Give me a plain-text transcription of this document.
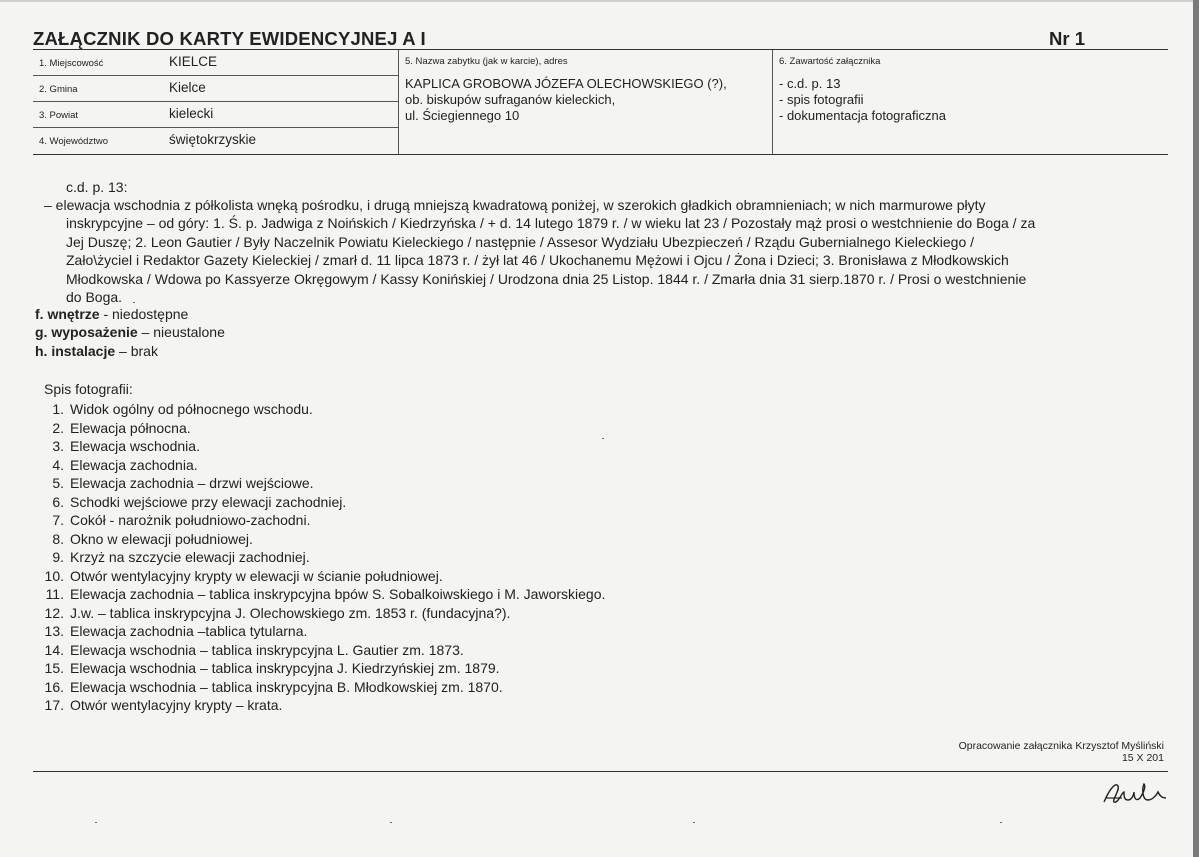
ZAŁĄCZNIK DO KARTY EWIDENCYJNEJ A I	Nr 1
1. Miejscowość	KIELCE
2. Gmina	Kielce
3. Powiat	kielecki
4. Województwo	świętokrzyskie
5. Nazwa zabytku (jak w karcie), adres
KAPLICA GROBOWA JÓZEFA OLECHOWSKIEGO (?),
ob. biskupów sufraganów kieleckich,
ul. Ściegiennego 10
6. Zawartość załącznika
- c.d. p. 13
- spis fotografii
- dokumentacja fotograficzna

c.d. p. 13:

– elewacja wschodnia z półkolista wnęką pośrodku, i drugą mniejszą kwadratową poniżej, w szerokich gładkich obramnieniach; w nich marmurowe płyty
inskrypcyjne – od góry: 1. Ś. p. Jadwiga z Noińskich / Kiedrzyńska / + d. 14 lutego 1879 r. / w wieku lat 23 / Pozostały mąż prosi o westchnienie do Boga / za
Jej Duszę; 2. Leon Gautier / Były Naczelnik Powiatu Kieleckiego / następnie / Assesor Wydziału Ubezpieczeń / Rządu Gubernialnego Kieleckiego /
Zało\życiel i Redaktor Gazety Kieleckiej / zmarł d. 11 lipca 1873 r. / żył lat 46 / Ukochanemu Mężowi i Ojcu / Żona i Dzieci; 3. Bronisława z Młodkowskich
Młodkowska / Wdowa po Kassyerze Okręgowym / Kassy Konińskiej / Urodzona dnia 25 Listop. 1844 r. / Zmarła dnia 31 sierp.1870 r. / Prosi o westchnienie
do Boga.
f. wnętrze - niedostępne
g. wyposażenie – nieustalone
h. instalacje – brak
Spis fotografii:
1. Widok ogólny od północnego wschodu.
2. Elewacja północna.
3. Elewacja wschodnia.
4. Elewacja zachodnia.
5. Elewacja zachodnia – drzwi wejściowe.
6. Schodki wejściowe przy elewacji zachodniej.
7. Cokół - narożnik południowo-zachodni.
8. Okno w elewacji południowej.
9. Krzyż na szczycie elewacji zachodniej.
10. Otwór wentylacyjny krypty w elewacji w ścianie południowej.
11. Elewacja zachodnia – tablica inskrypcyjna bpów S. Sobalkoiwskiego i M. Jaworskiego.
12. J.w. – tablica inskrypcyjna J. Olechowskiego zm. 1853 r. (fundacyjna?).
13. Elewacja zachodnia –tablica tytularna.
14. Elewacja wschodnia – tablica inskrypcyjna L. Gautier zm. 1873.
15. Elewacja wschodnia – tablica inskrypcyjna J. Kiedrzyńskiej zm. 1879.
16. Elewacja wschodnia – tablica inskrypcyjna B. Młodkowskiej zm. 1870.
17. Otwór wentylacyjny krypty – krata.
Opracowanie załącznika Krzysztof Myśliński
15 X 201
